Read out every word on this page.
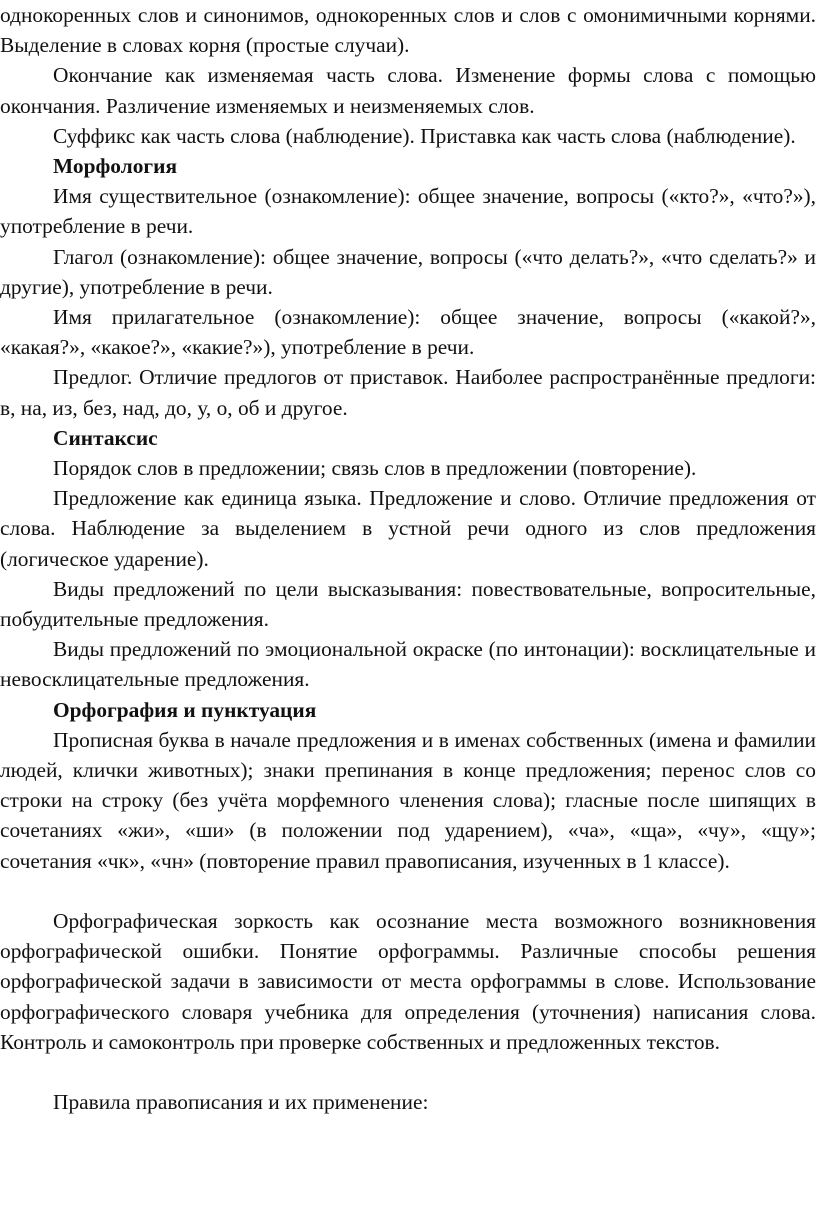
однокоренных слов и синонимов, однокоренных слов и слов с омонимичными корнями. Выделение в словах корня (простые случаи).

Окончание как изменяемая часть слова. Изменение формы слова с помощью окончания. Различение изменяемых и неизменяемых слов.

Суффикс как часть слова (наблюдение). Приставка как часть слова (наблюдение).

Морфология

Имя существительное (ознакомление): общее значение, вопросы («кто?», «что?»), употребление в речи.

Глагол (ознакомление): общее значение, вопросы («что делать?», «что сделать?» и другие), употребление в речи.

Имя прилагательное (ознакомление): общее значение, вопросы («какой?», «какая?», «какое?», «какие?»), употребление в речи.

Предлог. Отличие предлогов от приставок. Наиболее распространённые предлоги: в, на, из, без, над, до, у, о, об и другое.

Синтаксис

Порядок слов в предложении; связь слов в предложении (повторение).

Предложение как единица языка. Предложение и слово. Отличие предложения от слова. Наблюдение за выделением в устной речи одного из слов предложения (логическое ударение).

Виды предложений по цели высказывания: повествовательные, вопросительные, побудительные предложения.

Виды предложений по эмоциональной окраске (по интонации): восклицательные и невосклицательные предложения.

Орфография и пунктуация

Прописная буква в начале предложения и в именах собственных (имена и фамилии людей, клички животных); знаки препинания в конце предложения; перенос слов со строки на строку (без учёта морфемного членения слова); гласные после шипящих в сочетаниях «жи», «ши» (в положении под ударением), «ча», «ща», «чу», «щу»; сочетания «чк», «чн» (повторение правил правописания, изученных в 1 классе).

Орфографическая зоркость как осознание места возможного возникновения орфографической ошибки. Понятие орфограммы. Различные способы решения орфографической задачи в зависимости от места орфограммы в слове. Использование орфографического словаря учебника для определения (уточнения) написания слова. Контроль и самоконтроль при проверке собственных и предложенных текстов.

Правила правописания и их применение:
